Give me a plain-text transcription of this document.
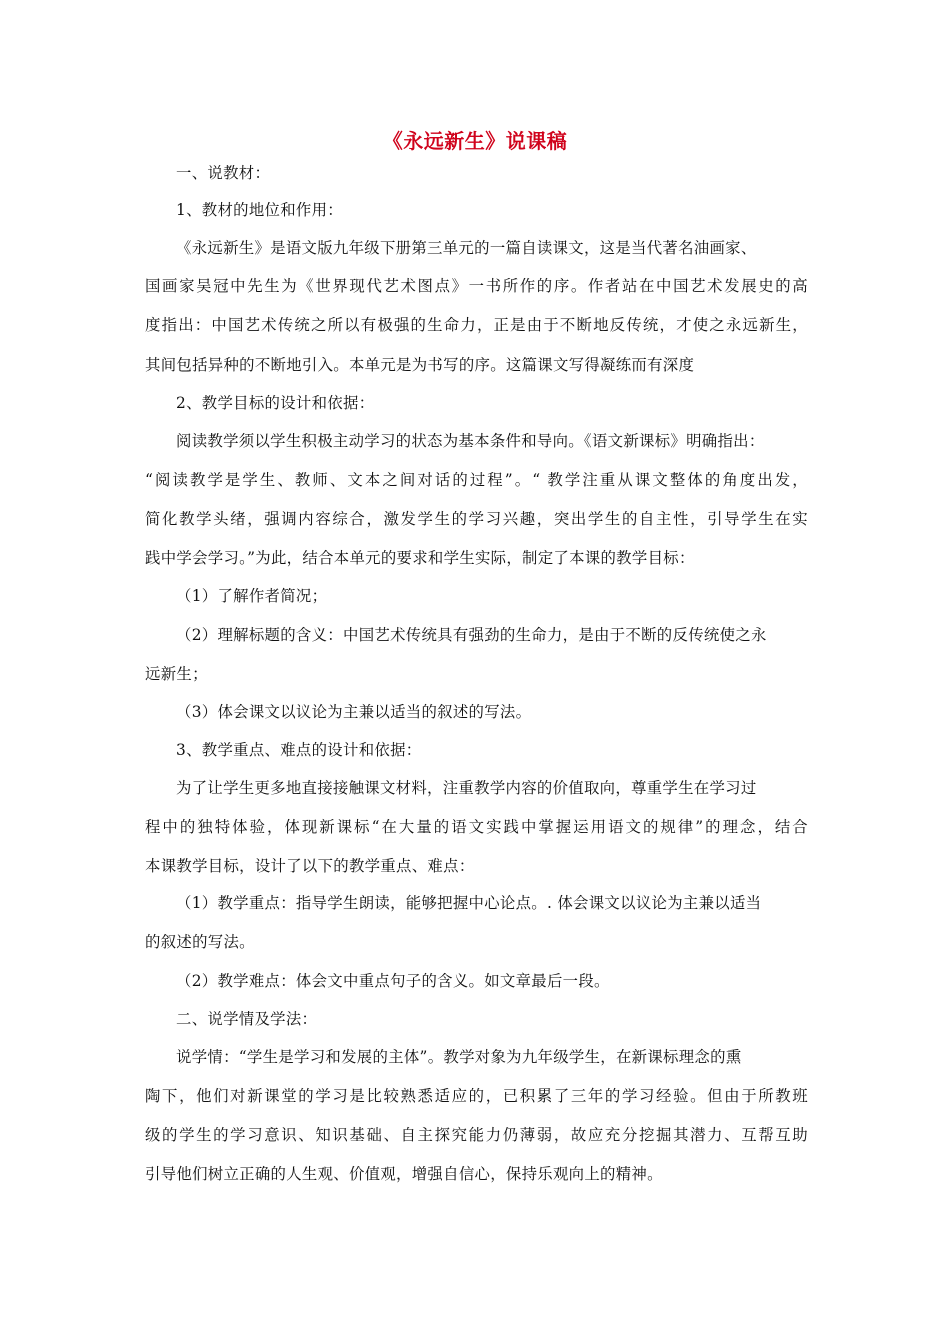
《永远新生》说课稿
一、说教材：
1、教材的地位和作用：
《永远新生》是语文版九年级下册第三单元的一篇自读课文，这是当代著名油画家、
国画家吴冠中先生为《世界现代艺术图点》一书所作的序。作者站在中国艺术发展史的高
度指出：中国艺术传统之所以有极强的生命力，正是由于不断地反传统，才使之永远新生，
其间包括异种的不断地引入。本单元是为书写的序。这篇课文写得凝练而有深度
2、教学目标的设计和依据：
阅读教学须以学生积极主动学习的状态为基本条件和导向。《语文新课标》明确指出：
“阅读教学是学生、教师、文本之间对话的过程”。“ 教学注重从课文整体的角度出发，
简化教学头绪，强调内容综合，激发学生的学习兴趣，突出学生的自主性，引导学生在实
践中学会学习。”为此，结合本单元的要求和学生实际，制定了本课的教学目标：
（1）了解作者简况；
（2）理解标题的含义：中国艺术传统具有强劲的生命力，是由于不断的反传统使之永
远新生；
（3）体会课文以议论为主兼以适当的叙述的写法。
3、教学重点、难点的设计和依据：
为了让学生更多地直接接触课文材料，注重教学内容的价值取向，尊重学生在学习过
程中的独特体验，体现新课标“在大量的语文实践中掌握运用语文的规律”的理念，结合
本课教学目标，设计了以下的教学重点、难点：
（1）教学重点：指导学生朗读，能够把握中心论点。. 体会课文以议论为主兼以适当
的叙述的写法。
（2）教学难点：体会文中重点句子的含义。如文章最后一段。
二、说学情及学法：
说学情：“学生是学习和发展的主体”。教学对象为九年级学生，在新课标理念的熏
陶下，他们对新课堂的学习是比较熟悉适应的，已积累了三年的学习经验。但由于所教班
级的学生的学习意识、知识基础、自主探究能力仍薄弱，故应充分挖掘其潜力、互帮互助
引导他们树立正确的人生观、价值观，增强自信心，保持乐观向上的精神。
